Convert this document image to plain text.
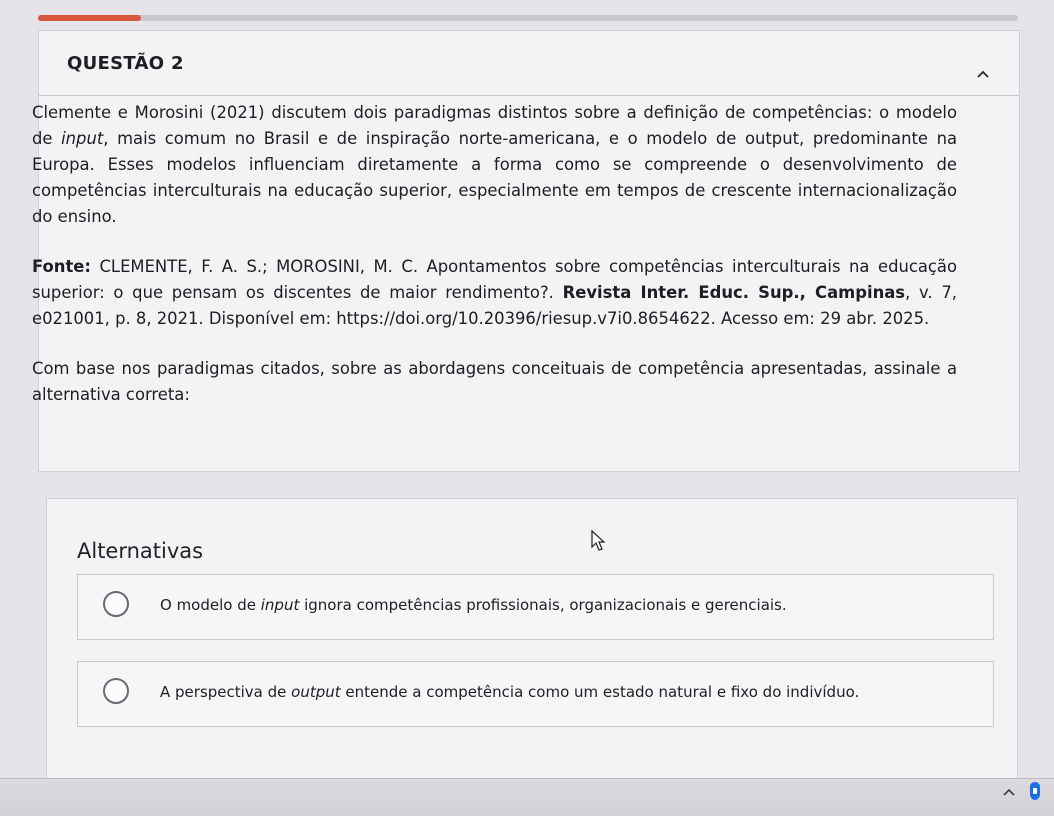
QUESTÃO 2

Clemente e Morosini (2021) discutem dois paradigmas distintos sobre a definição de competências: o modelo de input, mais comum no Brasil e de inspiração norte-americana, e o modelo de output, predominante na Europa. Esses modelos influenciam diretamente a forma como se compreende o desenvolvimento de competências interculturais na educação superior, especialmente em tempos de crescente internacionalização do ensino.

Fonte: CLEMENTE, F. A. S.; MOROSINI, M. C. Apontamentos sobre competências interculturais na educação superior: o que pensam os discentes de maior rendimento?. Revista Inter. Educ. Sup., Campinas, v. 7, e021001, p. 8, 2021. Disponível em: https://doi.org/10.20396/riesup.v7i0.8654622. Acesso em: 29 abr. 2025.

Com base nos paradigmas citados, sobre as abordagens conceituais de competência apresentadas, assinale a alternativa correta:

Alternativas
O modelo de input ignora competências profissionais, organizacionais e gerenciais.
A perspectiva de output entende a competência como um estado natural e fixo do indivíduo.
